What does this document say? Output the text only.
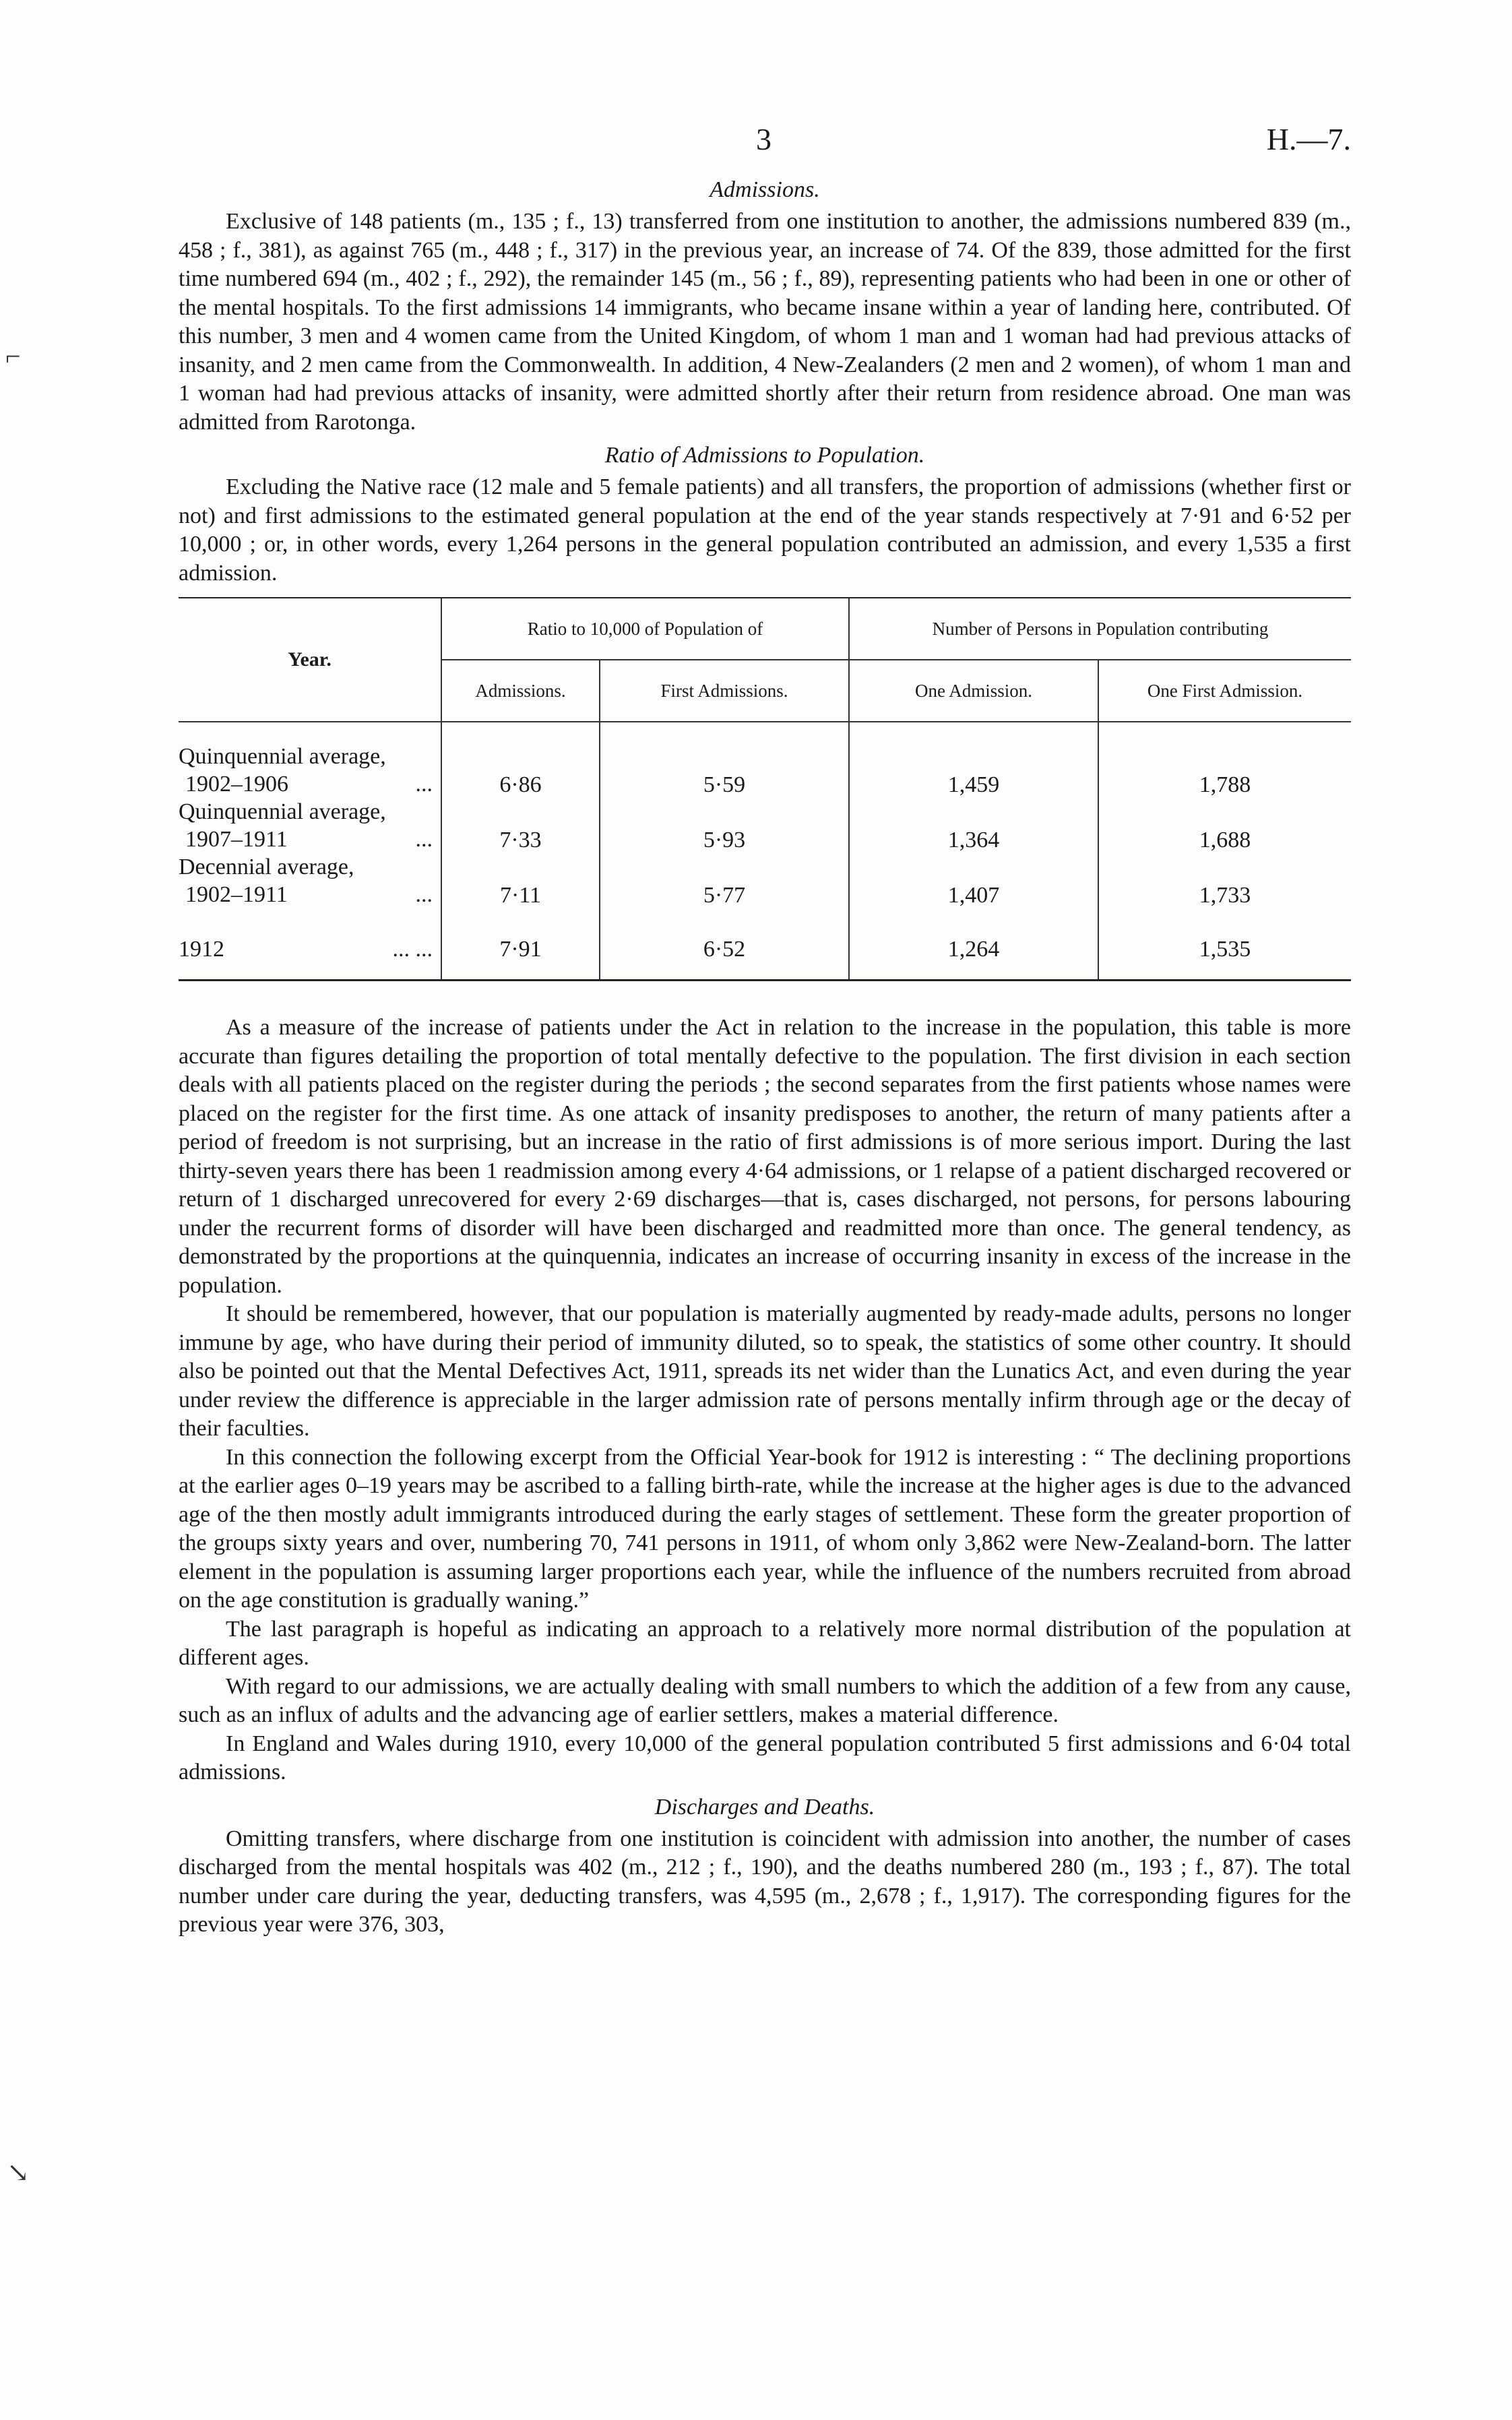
⌐
↘
3	H.—7.
Admissions.

Exclusive of 148 patients (m., 135 ; f., 13) transferred from one institution to another, the admissions numbered 839 (m., 458 ; f., 381), as against 765 (m., 448 ; f., 317) in the previous year, an increase of 74. Of the 839, those admitted for the first time numbered 694 (m., 402 ; f., 292), the remainder 145 (m., 56 ; f., 89), representing patients who had been in one or other of the mental hospitals. To the first admissions 14 immigrants, who became insane within a year of landing here, contributed. Of this number, 3 men and 4 women came from the United Kingdom, of whom 1 man and 1 woman had had previous attacks of insanity, and 2 men came from the Commonwealth. In addition, 4 New-Zealanders (2 men and 2 women), of whom 1 man and 1 woman had had previous attacks of insanity, were admitted shortly after their return from residence abroad. One man was admitted from Rarotonga.

Ratio of Admissions to Population.

Excluding the Native race (12 male and 5 female patients) and all transfers, the proportion of admissions (whether first or not) and first admissions to the estimated general population at the end of the year stands respectively at 7·91 and 6·52 per 10,000 ; or, in other words, every 1,264 persons in the general population contributed an admission, and every 1,535 a first admission.

Year.	Ratio to 10,000 of Population of		Number of Persons in Population contributing	
	Admissions.	First Admissions.	One Admission.	One First Admission.

Quinquennial average,
1902–1906 ...	6·86	5·59	1,459	1,788

Quinquennial average,
1907–1911 ...	7·33	5·93	1,364	1,688

Decennial average,
1902–1911 ...	7·11	5·77	1,407	1,733

1912 ... ...	7·91	6·52	1,264	1,535

As a measure of the increase of patients under the Act in relation to the increase in the population, this table is more accurate than figures detailing the proportion of total mentally defective to the population. The first division in each section deals with all patients placed on the register during the periods ; the second separates from the first patients whose names were placed on the register for the first time. As one attack of insanity predisposes to another, the return of many patients after a period of freedom is not surprising, but an increase in the ratio of first admissions is of more serious import. During the last thirty-seven years there has been 1 readmission among every 4·64 admissions, or 1 relapse of a patient discharged recovered or return of 1 discharged unrecovered for every 2·69 discharges—that is, cases discharged, not persons, for persons labouring under the recurrent forms of disorder will have been discharged and readmitted more than once. The general tendency, as demonstrated by the proportions at the quinquennia, indicates an increase of occurring insanity in excess of the increase in the population.

It should be remembered, however, that our population is materially augmented by ready-made adults, persons no longer immune by age, who have during their period of immunity diluted, so to speak, the statistics of some other country. It should also be pointed out that the Mental Defectives Act, 1911, spreads its net wider than the Lunatics Act, and even during the year under review the difference is appreciable in the larger admission rate of persons mentally infirm through age or the decay of their faculties.

In this connection the following excerpt from the Official Year-book for 1912 is interesting : “ The declining proportions at the earlier ages 0–19 years may be ascribed to a falling birth-rate, while the increase at the higher ages is due to the advanced age of the then mostly adult immigrants introduced during the early stages of settlement. These form the greater proportion of the groups sixty years and over, numbering 70, 741 persons in 1911, of whom only 3,862 were New-Zealand-born. The latter element in the population is assuming larger proportions each year, while the influence of the numbers recruited from abroad on the age constitution is gradually waning.”

The last paragraph is hopeful as indicating an approach to a relatively more normal distribution of the population at different ages.

With regard to our admissions, we are actually dealing with small numbers to which the addition of a few from any cause, such as an influx of adults and the advancing age of earlier settlers, makes a material difference.

In England and Wales during 1910, every 10,000 of the general population contributed 5 first admissions and 6·04 total admissions.

Discharges and Deaths.

Omitting transfers, where discharge from one institution is coincident with admission into another, the number of cases discharged from the mental hospitals was 402 (m., 212 ; f., 190), and the deaths numbered 280 (m., 193 ; f., 87). The total number under care during the year, deducting transfers, was 4,595 (m., 2,678 ; f., 1,917). The corresponding figures for the previous year were 376, 303,
